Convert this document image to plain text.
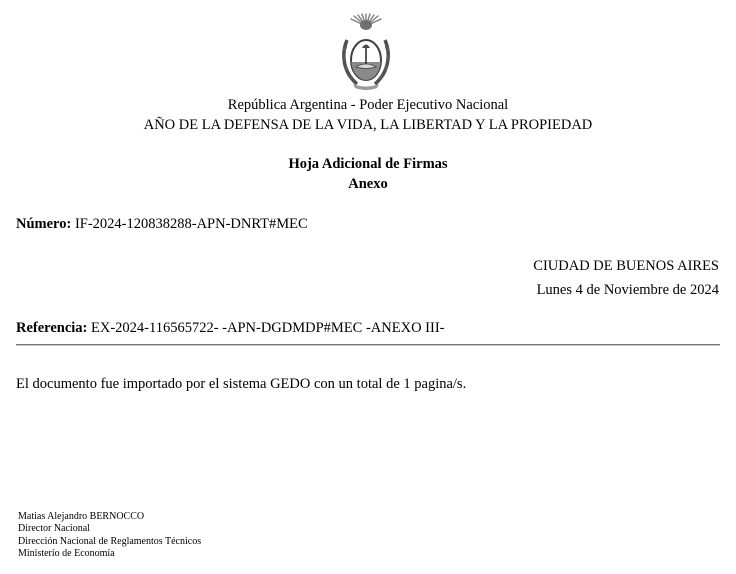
República Argentina - Poder Ejecutivo Nacional
AÑO DE LA DEFENSA DE LA VIDA, LA LIBERTAD Y LA PROPIEDAD
Hoja Adicional de Firmas
Anexo
Número: IF-2024-120838288-APN-DNRT#MEC
CIUDAD DE BUENOS AIRES
Lunes 4 de Noviembre de 2024
Referencia: EX-2024-116565722- -APN-DGDMDP#MEC -ANEXO III-
El documento fue importado por el sistema GEDO con un total de 1 pagina/s.
Matias Alejandro BERNOCCO
Director Nacional
Dirección Nacional de Reglamentos Técnicos
Ministerio de Economía
